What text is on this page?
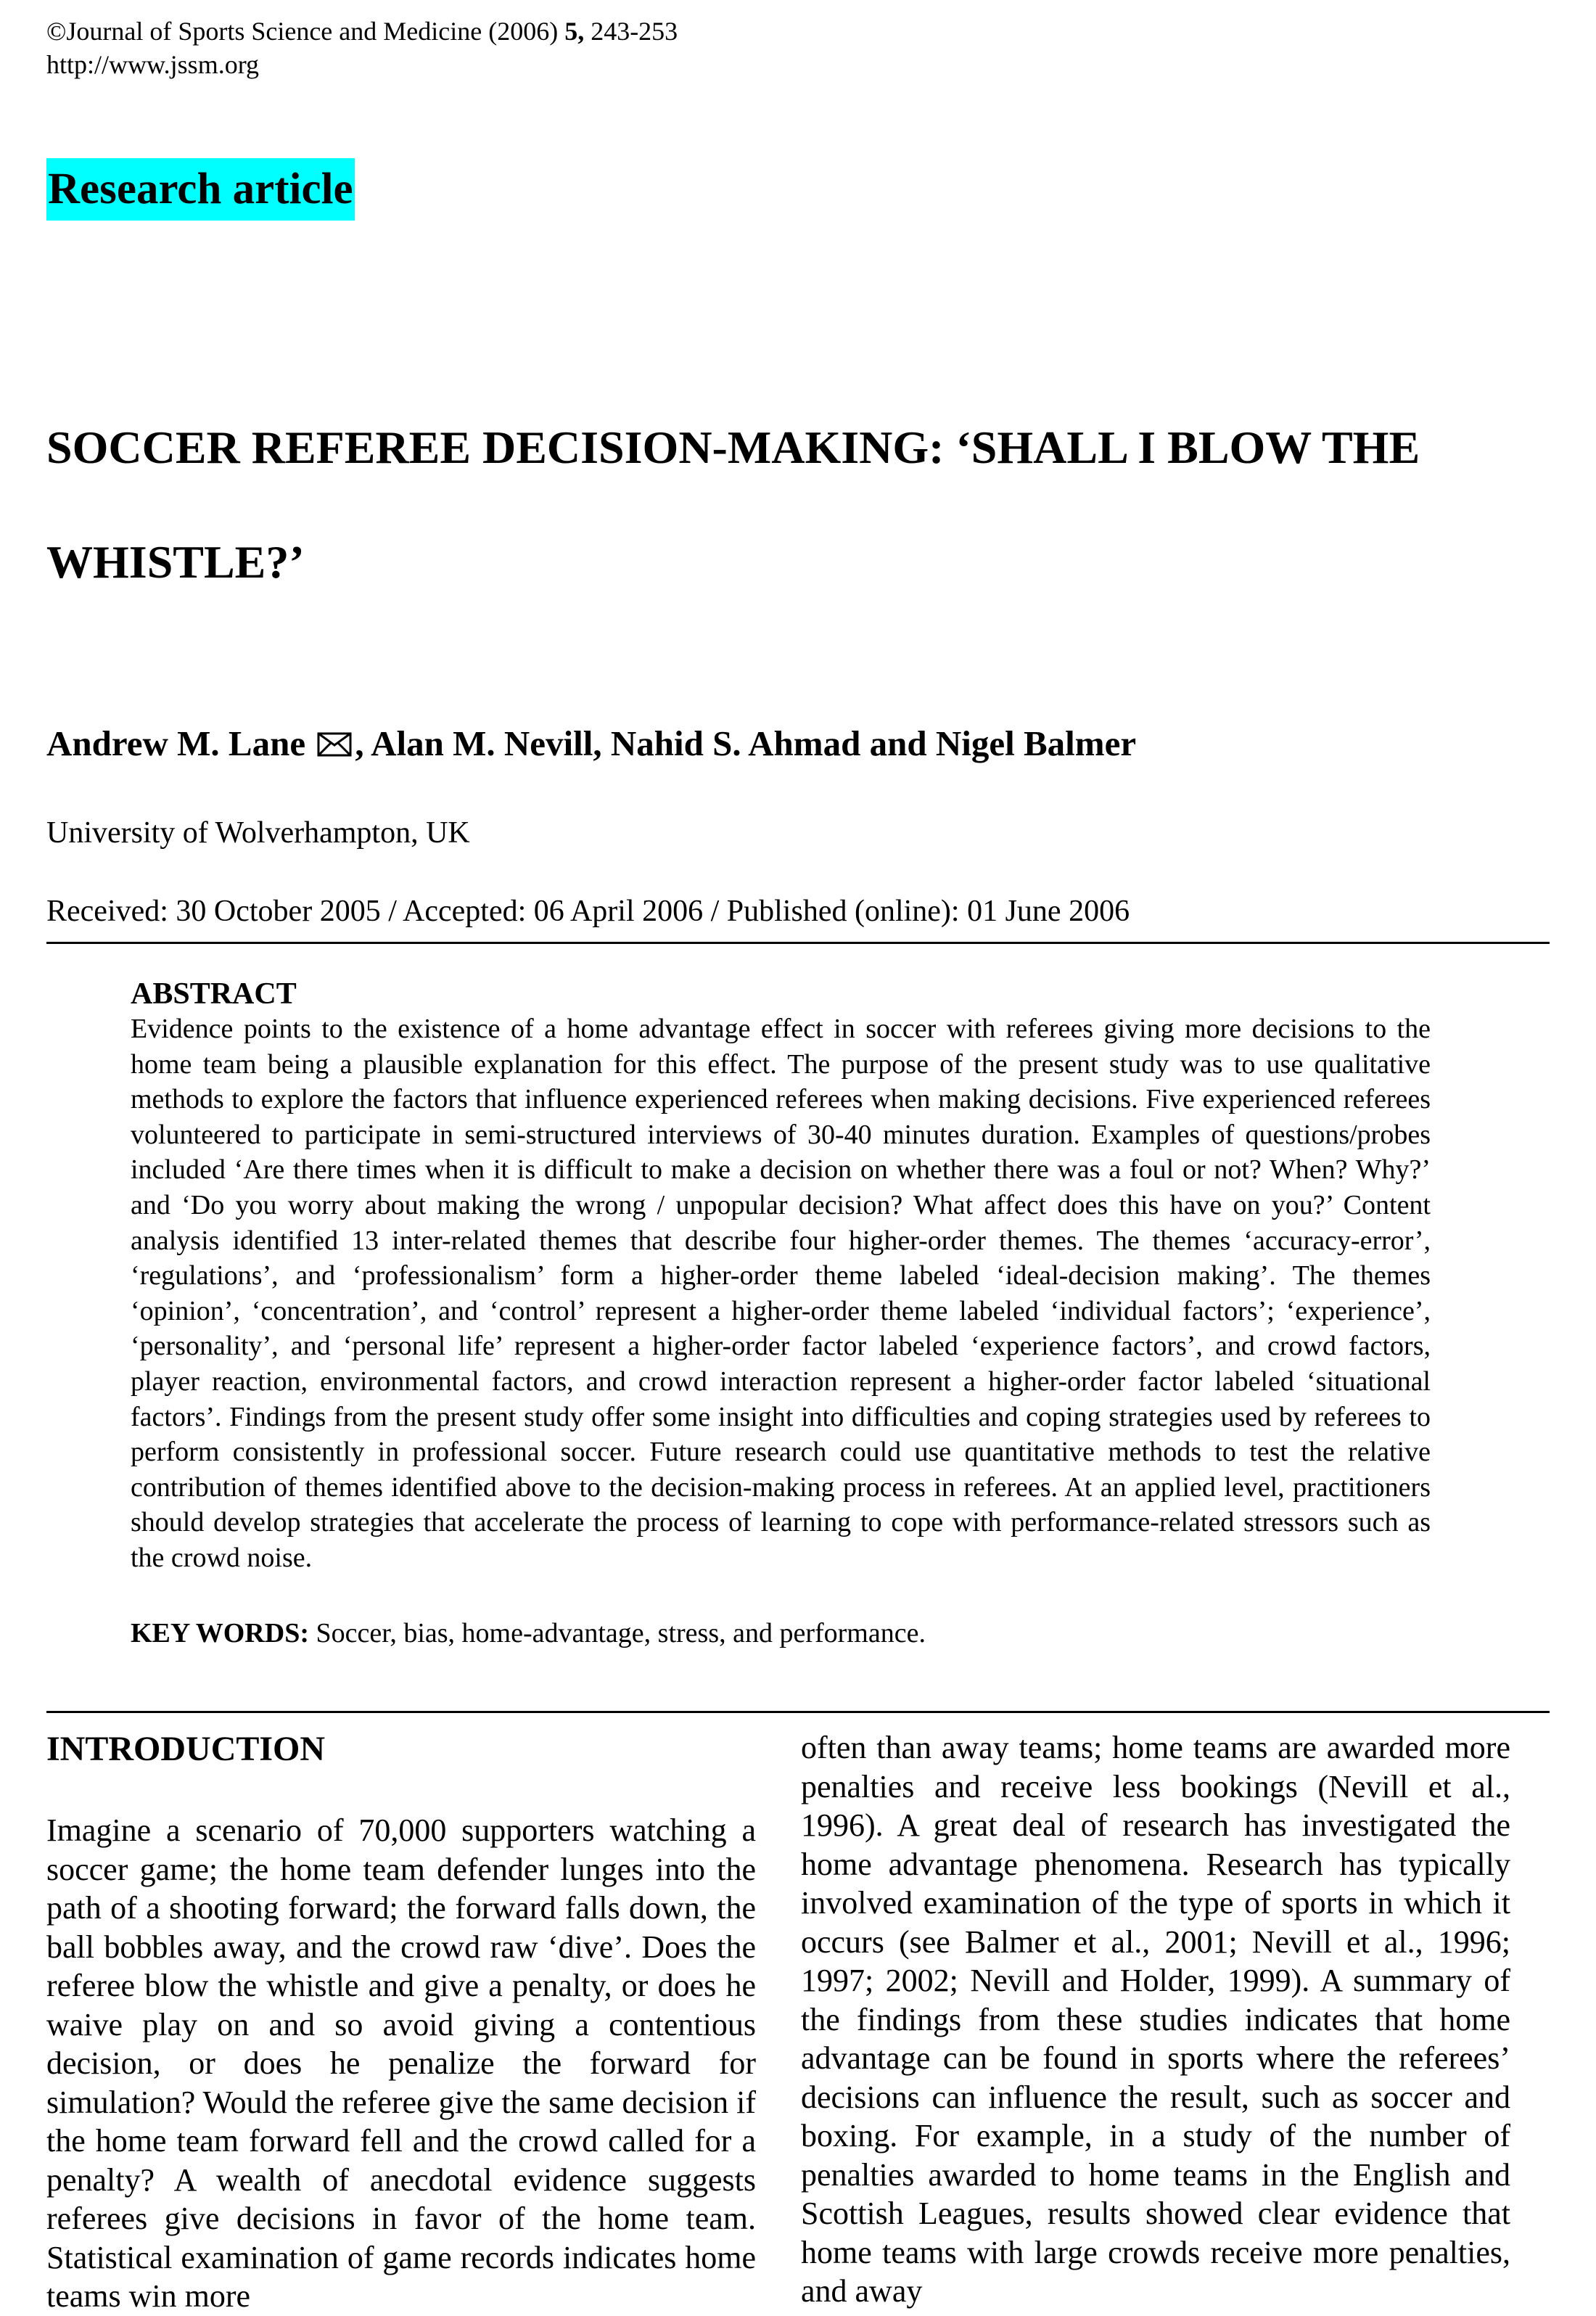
©Journal of Sports Science and Medicine (2006) 5, 243-253
http://www.jssm.org
Research article
SOCCER REFEREE DECISION-MAKING: ‘SHALL I BLOW THE WHISTLE?’
Andrew M. Lane , Alan M. Nevill, Nahid S. Ahmad and Nigel Balmer
University of Wolverhampton, UK
Received: 30 October 2005 / Accepted: 06 April 2006 / Published (online): 01 June 2006
ABSTRACT

Evidence points to the existence of a home advantage effect in soccer with referees giving more decisions to the home team being a plausible explanation for this effect. The purpose of the present study was to use qualitative methods to explore the factors that influence experienced referees when making decisions. Five experienced referees volunteered to participate in semi-structured interviews of 30-40 minutes duration. Examples of questions/probes included ‘Are there times when it is difficult to make a decision on whether there was a foul or not? When? Why?’ and ‘Do you worry about making the wrong / unpopular decision? What affect does this have on you?’ Content analysis identified 13 inter-related themes that describe four higher-order themes. The themes ‘accuracy-error’, ‘regulations’, and ‘professionalism’ form a higher-order theme labeled ‘ideal-decision making’. The themes ‘opinion’, ‘concentration’, and ‘control’ represent a higher-order theme labeled ‘individual factors’; ‘experience’, ‘personality’, and ‘personal life’ represent a higher-order factor labeled ‘experience factors’, and crowd factors, player reaction, environmental factors, and crowd interaction represent a higher-order factor labeled ‘situational factors’. Findings from the present study offer some insight into difficulties and coping strategies used by referees to perform consistently in professional soccer. Future research could use quantitative methods to test the relative contribution of themes identified above to the decision-making process in referees. At an applied level, practitioners should develop strategies that accelerate the process of learning to cope with performance-related stressors such as the crowd noise.

KEY WORDS: Soccer, bias, home-advantage, stress, and performance.
INTRODUCTION

Imagine a scenario of 70,000 supporters watching a soccer game; the home team defender lunges into the path of a shooting forward; the forward falls down, the ball bobbles away, and the crowd raw ‘dive’. Does the referee blow the whistle and give a penalty, or does he waive play on and so avoid giving a contentious decision, or does he penalize the forward for simulation? Would the referee give the same decision if the home team forward fell and the crowd called for a penalty? A wealth of anecdotal evidence suggests referees give decisions in favor of the home team. Statistical examination of game records indicates home teams win more

often than away teams; home teams are awarded more penalties and receive less bookings (Nevill et al., 1996). A great deal of research has investigated the home advantage phenomena. Research has typically involved examination of the type of sports in which it occurs (see Balmer et al., 2001; Nevill et al., 1996; 1997; 2002; Nevill and Holder, 1999). A summary of the findings from these studies indicates that home advantage can be found in sports where the referees’ decisions can influence the result, such as soccer and boxing. For example, in a study of the number of penalties awarded to home teams in the English and Scottish Leagues, results showed clear evidence that home teams with large crowds receive more penalties, and away
